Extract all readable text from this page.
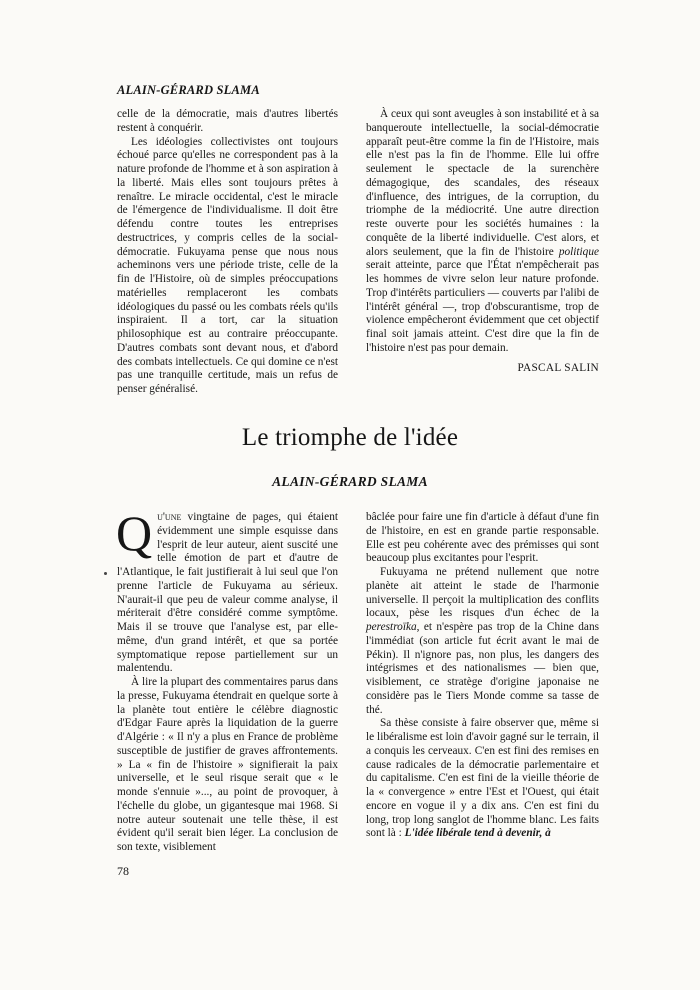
ALAIN-GÉRARD SLAMA

celle de la démocratie, mais d'autres libertés restent à conquérir.

Les idéologies collectivistes ont toujours échoué parce qu'elles ne correspondent pas à la nature profonde de l'homme et à son aspiration à la liberté. Mais elles sont toujours prêtes à renaître. Le miracle occidental, c'est le miracle de l'émergence de l'individualisme. Il doit être défendu contre toutes les entreprises destructrices, y compris celles de la social-démocratie. Fukuyama pense que nous nous acheminons vers une période triste, celle de la fin de l'Histoire, où de simples préoccupations matérielles remplaceront les combats idéologiques du passé ou les combats réels qu'ils inspiraient. Il a tort, car la situation philosophique est au contraire préoccupante. D'autres combats sont devant nous, et d'abord des combats intellectuels. Ce qui domine ce n'est pas une tranquille certitude, mais un refus de penser généralisé.

À ceux qui sont aveugles à son instabilité et à sa banqueroute intellectuelle, la social-démocratie apparaît peut-être comme la fin de l'Histoire, mais elle n'est pas la fin de l'homme. Elle lui offre seulement le spectacle de la surenchère démagogique, des scandales, des réseaux d'influence, des intrigues, de la corruption, du triomphe de la médiocrité. Une autre direction reste ouverte pour les sociétés humaines : la conquête de la liberté individuelle. C'est alors, et alors seulement, que la fin de l'histoire politique serait atteinte, parce que l'État n'empêcherait pas les hommes de vivre selon leur nature profonde. Trop d'intérêts particuliers — couverts par l'alibi de l'intérêt général —, trop d'obscurantisme, trop de violence empêcheront évidemment que cet objectif final soit jamais atteint. C'est dire que la fin de l'histoire n'est pas pour demain.

PASCAL SALIN
Le triomphe de l'idée
ALAIN-GÉRARD SLAMA

Qu'une vingtaine de pages, qui étaient évidemment une simple esquisse dans l'esprit de leur auteur, aient suscité une telle émotion de part et d'autre de l'Atlantique, le fait justifierait à lui seul que l'on prenne l'article de Fukuyama au sérieux. N'aurait-il que peu de valeur comme analyse, il mériterait d'être considéré comme symptôme. Mais il se trouve que l'analyse est, par elle-même, d'un grand intérêt, et que sa portée symptomatique repose partiellement sur un malentendu.

À lire la plupart des commentaires parus dans la presse, Fukuyama étendrait en quelque sorte à la planète tout entière le célèbre diagnostic d'Edgar Faure après la liquidation de la guerre d'Algérie : « Il n'y a plus en France de problème susceptible de justifier de graves affrontements. » La « fin de l'histoire » signifierait la paix universelle, et le seul risque serait que « le monde s'ennuie »..., au point de provoquer, à l'échelle du globe, un gigantesque mai 1968. Si notre auteur soutenait une telle thèse, il est évident qu'il serait bien léger. La conclusion de son texte, visiblement

bâclée pour faire une fin d'article à défaut d'une fin de l'histoire, en est en grande partie responsable. Elle est peu cohérente avec des prémisses qui sont beaucoup plus excitantes pour l'esprit.

Fukuyama ne prétend nullement que notre planète ait atteint le stade de l'harmonie universelle. Il perçoit la multiplication des conflits locaux, pèse les risques d'un échec de la perestroïka, et n'espère pas trop de la Chine dans l'immédiat (son article fut écrit avant le mai de Pékin). Il n'ignore pas, non plus, les dangers des intégrismes et des nationalismes — bien que, visiblement, ce stratège d'origine japonaise ne considère pas le Tiers Monde comme sa tasse de thé.

Sa thèse consiste à faire observer que, même si le libéralisme est loin d'avoir gagné sur le terrain, il a conquis les cerveaux. C'en est fini des remises en cause radicales de la démocratie parlementaire et du capitalisme. C'en est fini de la vieille théorie de la « convergence » entre l'Est et l'Ouest, qui était encore en vogue il y a dix ans. C'en est fini du long, trop long sanglot de l'homme blanc. Les faits sont là : L'idée libérale tend à devenir, à

78
